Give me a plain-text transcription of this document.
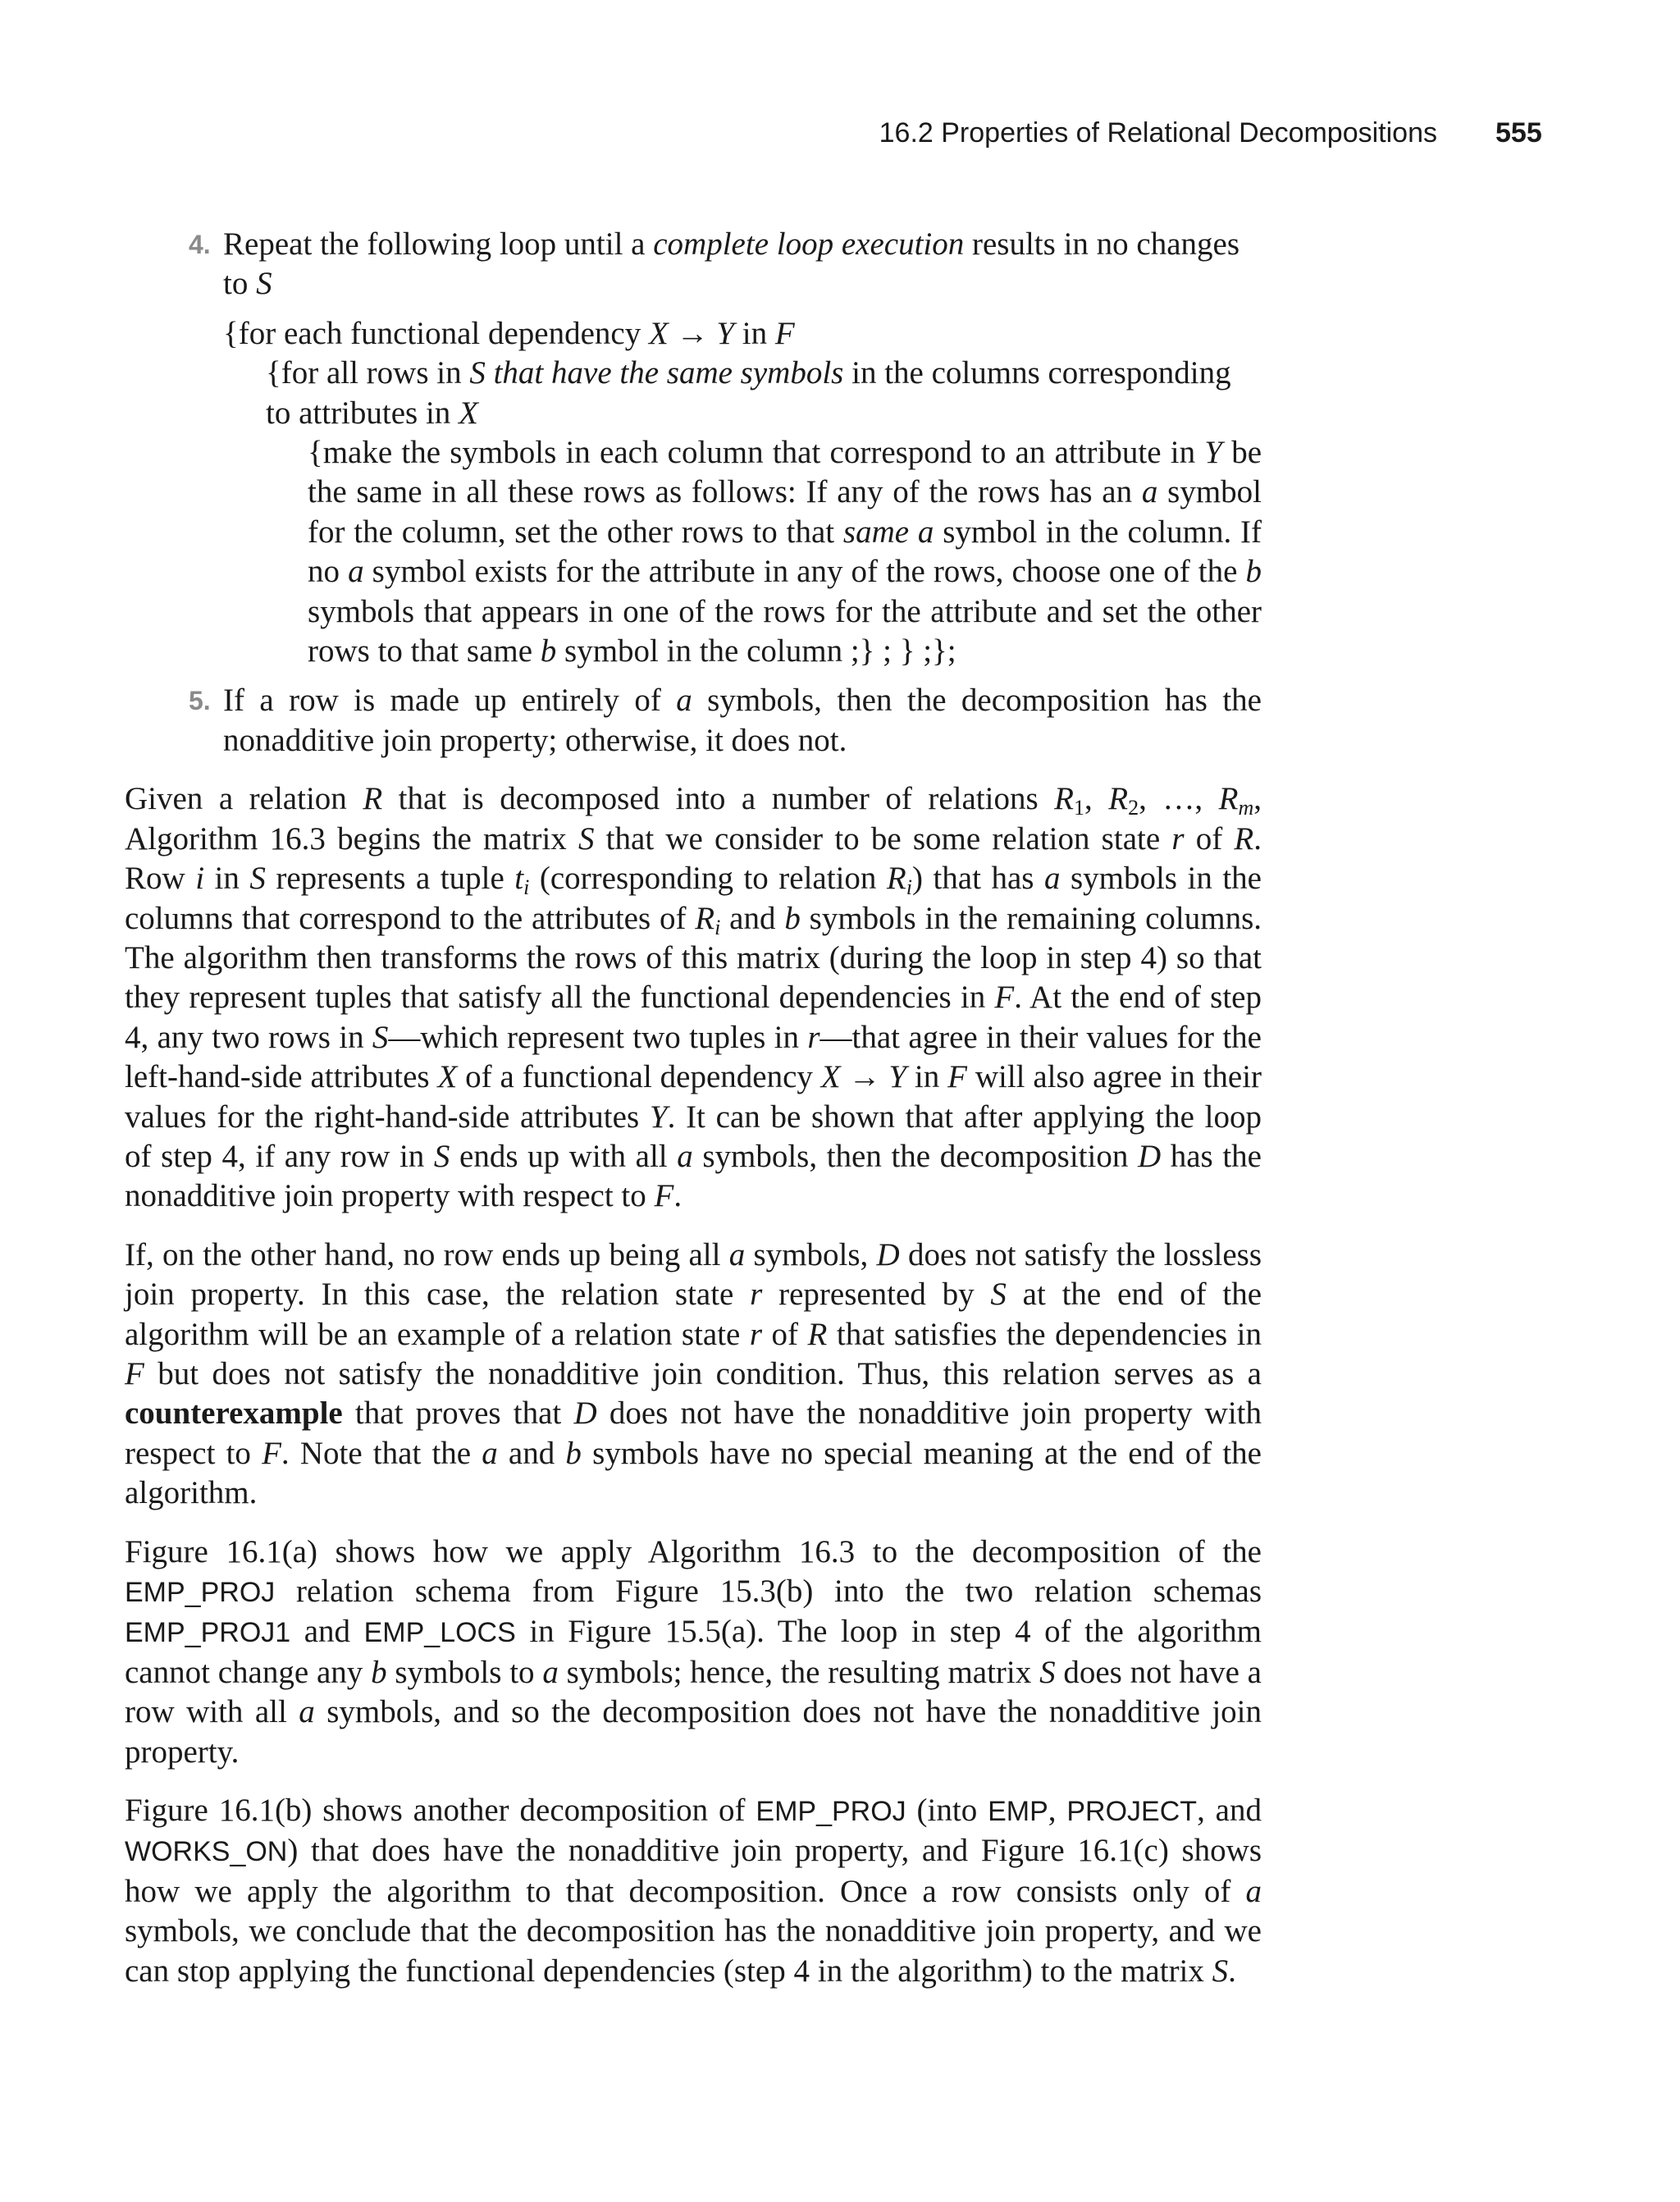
16.2 Properties of Relational Decompositions 555
4. Repeat the following loop until a complete loop execution results in no changes to S
{for each functional dependency X → Y in F
{for all rows in S that have the same symbols in the columns corresponding to attributes in X
{make the symbols in each column that correspond to an attribute in Y be the same in all these rows as follows: If any of the rows has an a symbol for the column, set the other rows to that same a symbol in the column. If no a symbol exists for the attribute in any of the rows, choose one of the b symbols that appears in one of the rows for the attribute and set the other rows to that same b symbol in the column ;} ; } ;};
5. If a row is made up entirely of a symbols, then the decomposition has the nonadditive join property; otherwise, it does not.

Given a relation R that is decomposed into a number of relations $R_1$, $R_2$, …, $R_m$, Algorithm 16.3 begins the matrix S that we consider to be some relation state r of R. Row i in S represents a tuple $t_i$ (corresponding to relation $R_i$) that has a symbols in the columns that correspond to the attributes of $R_i$ and b symbols in the remaining columns. The algorithm then transforms the rows of this matrix (during the loop in step 4) so that they represent tuples that satisfy all the functional dependencies in F. At the end of step 4, any two rows in S—which represent two tuples in r—that agree in their values for the left-hand-side attributes X of a functional dependency X → Y in F will also agree in their values for the right-hand-side attributes Y. It can be shown that after applying the loop of step 4, if any row in S ends up with all a symbols, then the decomposition D has the nonadditive join property with respect to F.

If, on the other hand, no row ends up being all a symbols, D does not satisfy the lossless join property. In this case, the relation state r represented by S at the end of the algorithm will be an example of a relation state r of R that satisfies the dependencies in F but does not satisfy the nonadditive join condition. Thus, this relation serves as a counterexample that proves that D does not have the nonadditive join property with respect to F. Note that the a and b symbols have no special meaning at the end of the algorithm.

Figure 16.1(a) shows how we apply Algorithm 16.3 to the decomposition of the EMP_PROJ relation schema from Figure 15.3(b) into the two relation schemas EMP_PROJ1 and EMP_LOCS in Figure 15.5(a). The loop in step 4 of the algorithm cannot change any b symbols to a symbols; hence, the resulting matrix S does not have a row with all a symbols, and so the decomposition does not have the nonadditive join property.

Figure 16.1(b) shows another decomposition of EMP_PROJ (into EMP, PROJECT, and WORKS_ON) that does have the nonadditive join property, and Figure 16.1(c) shows how we apply the algorithm to that decomposition. Once a row consists only of a symbols, we conclude that the decomposition has the nonadditive join property, and we can stop applying the functional dependencies (step 4 in the algorithm) to the matrix S.
